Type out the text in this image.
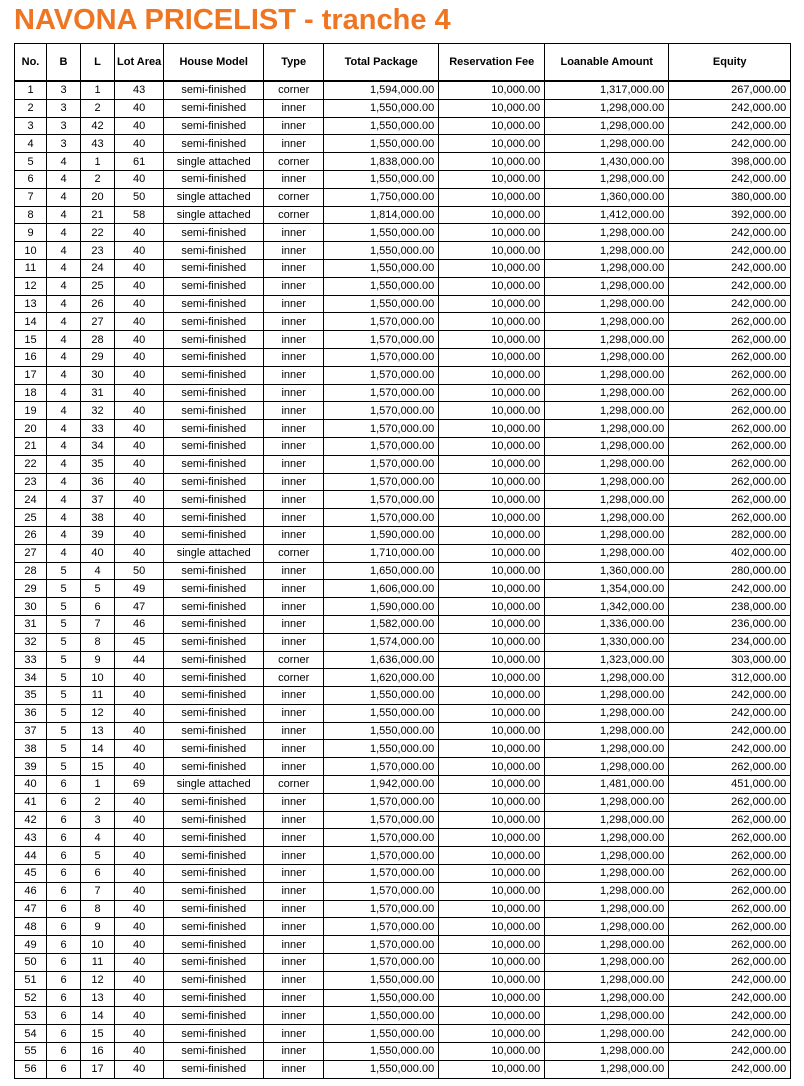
NAVONA PRICELIST - tranche 4
No.	B	L	Lot Area	House Model	Type	Total Package	Reservation Fee	Loanable Amount	Equity
1	3	1	43	semi-finished	corner	1,594,000.00	10,000.00	1,317,000.00	267,000.00
2	3	2	40	semi-finished	inner	1,550,000.00	10,000.00	1,298,000.00	242,000.00
3	3	42	40	semi-finished	inner	1,550,000.00	10,000.00	1,298,000.00	242,000.00
4	3	43	40	semi-finished	inner	1,550,000.00	10,000.00	1,298,000.00	242,000.00
5	4	1	61	single attached	corner	1,838,000.00	10,000.00	1,430,000.00	398,000.00
6	4	2	40	semi-finished	inner	1,550,000.00	10,000.00	1,298,000.00	242,000.00
7	4	20	50	single attached	corner	1,750,000.00	10,000.00	1,360,000.00	380,000.00
8	4	21	58	single attached	corner	1,814,000.00	10,000.00	1,412,000.00	392,000.00
9	4	22	40	semi-finished	inner	1,550,000.00	10,000.00	1,298,000.00	242,000.00
10	4	23	40	semi-finished	inner	1,550,000.00	10,000.00	1,298,000.00	242,000.00
11	4	24	40	semi-finished	inner	1,550,000.00	10,000.00	1,298,000.00	242,000.00
12	4	25	40	semi-finished	inner	1,550,000.00	10,000.00	1,298,000.00	242,000.00
13	4	26	40	semi-finished	inner	1,550,000.00	10,000.00	1,298,000.00	242,000.00
14	4	27	40	semi-finished	inner	1,570,000.00	10,000.00	1,298,000.00	262,000.00
15	4	28	40	semi-finished	inner	1,570,000.00	10,000.00	1,298,000.00	262,000.00
16	4	29	40	semi-finished	inner	1,570,000.00	10,000.00	1,298,000.00	262,000.00
17	4	30	40	semi-finished	inner	1,570,000.00	10,000.00	1,298,000.00	262,000.00
18	4	31	40	semi-finished	inner	1,570,000.00	10,000.00	1,298,000.00	262,000.00
19	4	32	40	semi-finished	inner	1,570,000.00	10,000.00	1,298,000.00	262,000.00
20	4	33	40	semi-finished	inner	1,570,000.00	10,000.00	1,298,000.00	262,000.00
21	4	34	40	semi-finished	inner	1,570,000.00	10,000.00	1,298,000.00	262,000.00
22	4	35	40	semi-finished	inner	1,570,000.00	10,000.00	1,298,000.00	262,000.00
23	4	36	40	semi-finished	inner	1,570,000.00	10,000.00	1,298,000.00	262,000.00
24	4	37	40	semi-finished	inner	1,570,000.00	10,000.00	1,298,000.00	262,000.00
25	4	38	40	semi-finished	inner	1,570,000.00	10,000.00	1,298,000.00	262,000.00
26	4	39	40	semi-finished	inner	1,590,000.00	10,000.00	1,298,000.00	282,000.00
27	4	40	40	single attached	corner	1,710,000.00	10,000.00	1,298,000.00	402,000.00
28	5	4	50	semi-finished	inner	1,650,000.00	10,000.00	1,360,000.00	280,000.00
29	5	5	49	semi-finished	inner	1,606,000.00	10,000.00	1,354,000.00	242,000.00
30	5	6	47	semi-finished	inner	1,590,000.00	10,000.00	1,342,000.00	238,000.00
31	5	7	46	semi-finished	inner	1,582,000.00	10,000.00	1,336,000.00	236,000.00
32	5	8	45	semi-finished	inner	1,574,000.00	10,000.00	1,330,000.00	234,000.00
33	5	9	44	semi-finished	corner	1,636,000.00	10,000.00	1,323,000.00	303,000.00
34	5	10	40	semi-finished	corner	1,620,000.00	10,000.00	1,298,000.00	312,000.00
35	5	11	40	semi-finished	inner	1,550,000.00	10,000.00	1,298,000.00	242,000.00
36	5	12	40	semi-finished	inner	1,550,000.00	10,000.00	1,298,000.00	242,000.00
37	5	13	40	semi-finished	inner	1,550,000.00	10,000.00	1,298,000.00	242,000.00
38	5	14	40	semi-finished	inner	1,550,000.00	10,000.00	1,298,000.00	242,000.00
39	5	15	40	semi-finished	inner	1,570,000.00	10,000.00	1,298,000.00	262,000.00
40	6	1	69	single attached	corner	1,942,000.00	10,000.00	1,481,000.00	451,000.00
41	6	2	40	semi-finished	inner	1,570,000.00	10,000.00	1,298,000.00	262,000.00
42	6	3	40	semi-finished	inner	1,570,000.00	10,000.00	1,298,000.00	262,000.00
43	6	4	40	semi-finished	inner	1,570,000.00	10,000.00	1,298,000.00	262,000.00
44	6	5	40	semi-finished	inner	1,570,000.00	10,000.00	1,298,000.00	262,000.00
45	6	6	40	semi-finished	inner	1,570,000.00	10,000.00	1,298,000.00	262,000.00
46	6	7	40	semi-finished	inner	1,570,000.00	10,000.00	1,298,000.00	262,000.00
47	6	8	40	semi-finished	inner	1,570,000.00	10,000.00	1,298,000.00	262,000.00
48	6	9	40	semi-finished	inner	1,570,000.00	10,000.00	1,298,000.00	262,000.00
49	6	10	40	semi-finished	inner	1,570,000.00	10,000.00	1,298,000.00	262,000.00
50	6	11	40	semi-finished	inner	1,570,000.00	10,000.00	1,298,000.00	262,000.00
51	6	12	40	semi-finished	inner	1,550,000.00	10,000.00	1,298,000.00	242,000.00
52	6	13	40	semi-finished	inner	1,550,000.00	10,000.00	1,298,000.00	242,000.00
53	6	14	40	semi-finished	inner	1,550,000.00	10,000.00	1,298,000.00	242,000.00
54	6	15	40	semi-finished	inner	1,550,000.00	10,000.00	1,298,000.00	242,000.00
55	6	16	40	semi-finished	inner	1,550,000.00	10,000.00	1,298,000.00	242,000.00
56	6	17	40	semi-finished	inner	1,550,000.00	10,000.00	1,298,000.00	242,000.00
